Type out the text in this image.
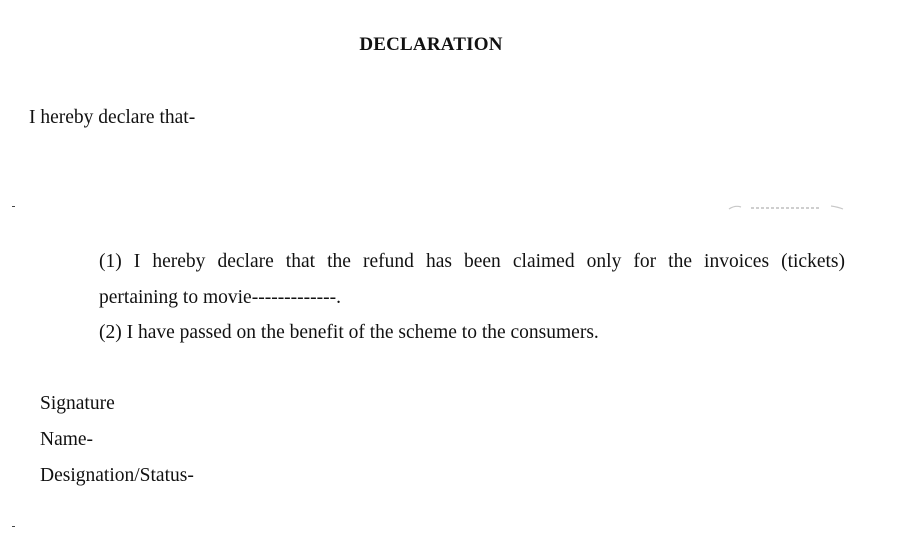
DECLARATION
I hereby declare that-
(1) I hereby declare that the refund has been claimed only for the invoices (tickets)
pertaining to movie-------------.
(2) I have passed on the benefit of the scheme to the consumers.
Signature
Name-
Designation/Status-
